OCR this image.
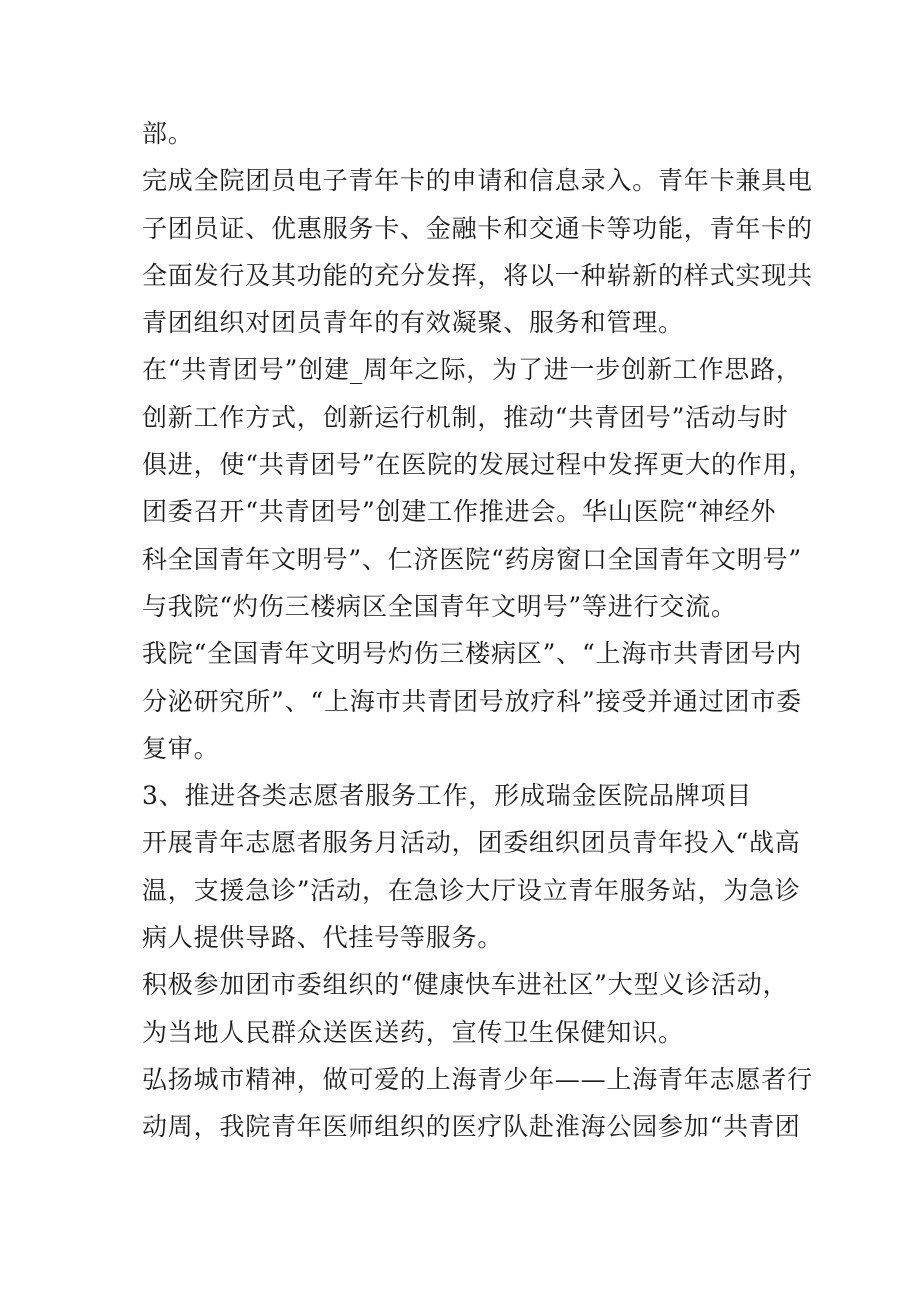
部。
完成全院团员电子青年卡的申请和信息录入。青年卡兼具电
子团员证、优惠服务卡、金融卡和交通卡等功能，青年卡的
全面发行及其功能的充分发挥，将以一种崭新的样式实现共
青团组织对团员青年的有效凝聚、服务和管理。
在“共青团号”创建_周年之际，为了进一步创新工作思路，
创新工作方式，创新运行机制，推动“共青团号”活动与时
俱进，使“共青团号”在医院的发展过程中发挥更大的作用，
团委召开“共青团号”创建工作推进会。华山医院“神经外
科全国青年文明号”、仁济医院“药房窗口全国青年文明号”
与我院“灼伤三楼病区全国青年文明号”等进行交流。
我院“全国青年文明号灼伤三楼病区”、“上海市共青团号内
分泌研究所”、“上海市共青团号放疗科”接受并通过团市委
复审。
3、推进各类志愿者服务工作，形成瑞金医院品牌项目
开展青年志愿者服务月活动，团委组织团员青年投入“战高
温，支援急诊”活动，在急诊大厅设立青年服务站，为急诊
病人提供导路、代挂号等服务。
积极参加团市委组织的“健康快车进社区”大型义诊活动，
为当地人民群众送医送药，宣传卫生保健知识。
弘扬城市精神，做可爱的上海青少年——上海青年志愿者行
动周，我院青年医师组织的医疗队赴淮海公园参加“共青团
